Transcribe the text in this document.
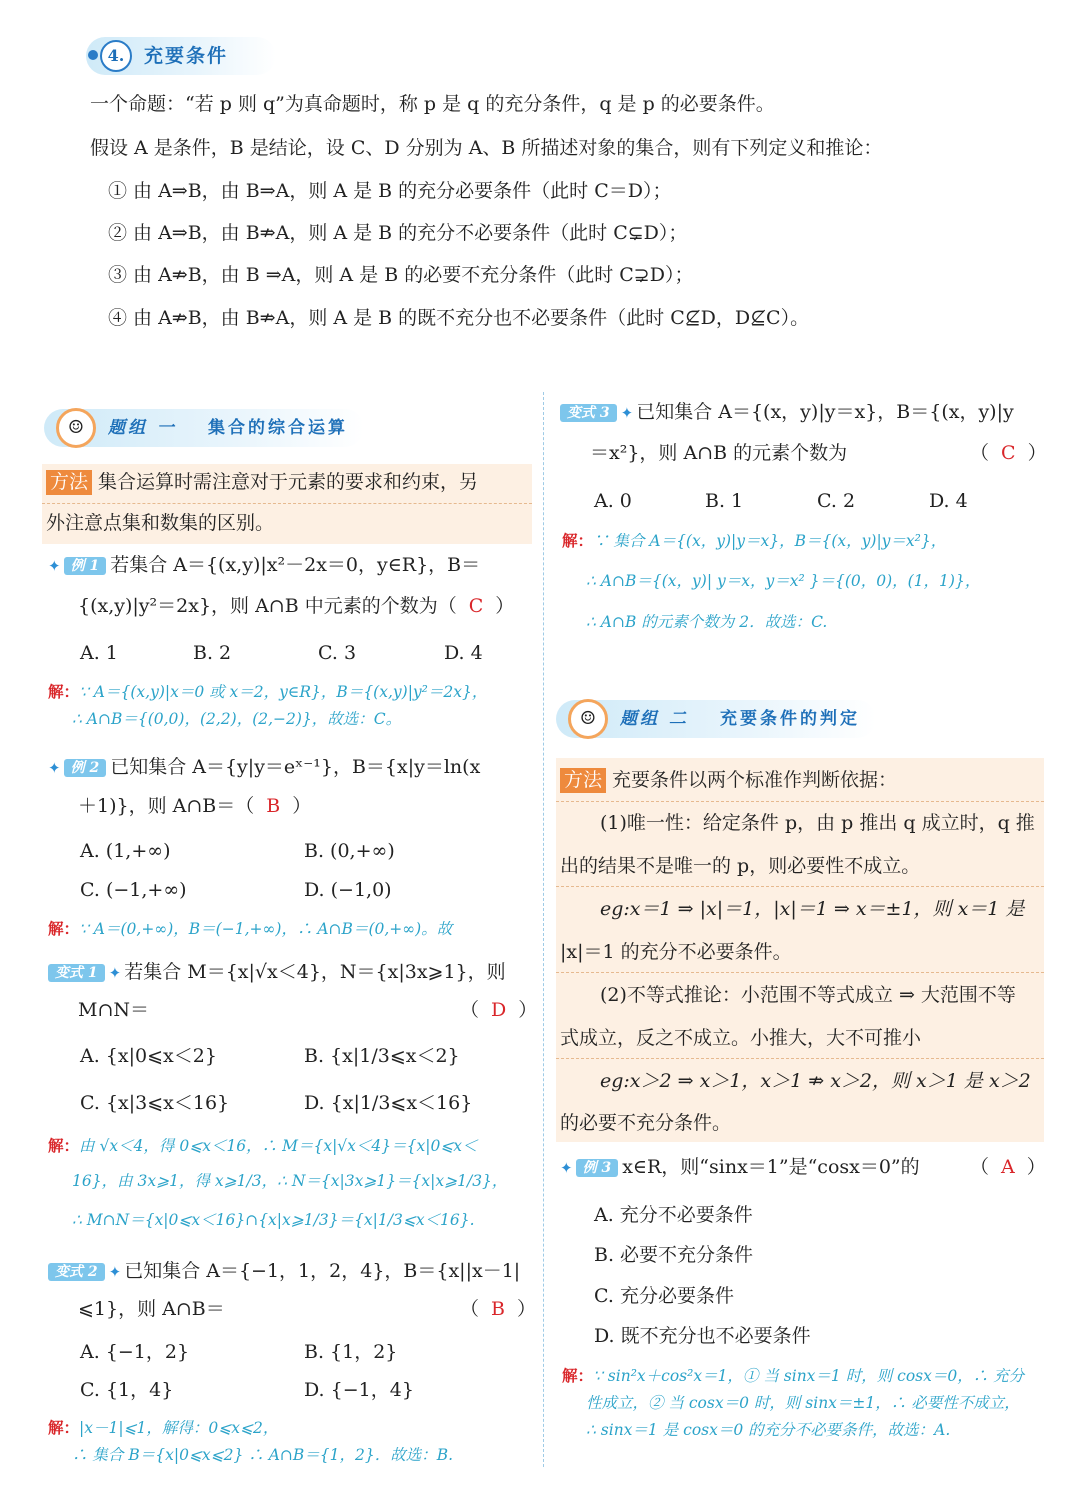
4.	充要条件
一个命题：“若 p 则 q”为真命题时，称 p 是 q 的充分条件，q 是 p 的必要条件。
假设 A 是条件，B 是结论，设 C、D 分别为 A、B 所描述对象的集合，则有下列定义和推论：
① 由 A⇒B，由 B⇒A，则 A 是 B 的充分必要条件（此时 C＝D）；
② 由 A⇒B，由 B⇏A，则 A 是 B 的充分不必要条件（此时 C⊊D）；
③ 由 A⇏B，由 B ⇒A，则 A 是 B 的必要不充分条件（此时 C⊋D）；
④ 由 A⇏B，由 B⇏A，则 A 是 B 的既不充分也不必要条件（此时 C⊈D，D⊈C）。
☺	题组 一 集合的综合运算
方法 集合运算时需注意对于元素的要求和约束，另
外注意点集和数集的区别。
✦ 例 1 若集合 A＝{(x,y)|x²－2x＝0，y∈R}，B＝
{(x,y)|y²＝2x}，则 A∩B 中元素的个数为（ C ）
A. 1	B. 2	C. 3	D. 4
解：∵ A＝{(x,y)|x＝0 或 x＝2，y∈R}，B＝{(x,y)|y²＝2x}，
∴ A∩B＝{(0,0)，(2,2)，(2,−2)}，故选：C。
✦ 例 2 已知集合 A＝{y|y＝eˣ⁻¹}，B＝{x|y＝ln(x
＋1)}，则 A∩B＝（ B ）
A. (1,+∞)	B. (0,+∞)
C. (−1,+∞)	D. (−1,0)
解：∵ A＝(0,+∞)，B＝(−1,+∞)，∴ A∩B＝(0,+∞)。故
变式 1 ✦ 若集合 M＝{x|√x＜4}，N＝{x|3x⩾1}，则
M∩N＝	（ D ）
A. {x|0⩽x＜2}	B. {x|1/3⩽x＜2}
C. {x|3⩽x＜16}	D. {x|1/3⩽x＜16}
解：由 √x＜4，得 0⩽x＜16，∴ M＝{x|√x＜4}＝{x|0⩽x＜
16}，由 3x⩾1，得 x⩾1/3，∴ N＝{x|3x⩾1}＝{x|x⩾1/3}，
∴ M∩N＝{x|0⩽x＜16}∩{x|x⩾1/3}＝{x|1/3⩽x＜16}.
变式 2 ✦ 已知集合 A＝{−1，1，2，4}，B＝{x||x－1|
⩽1}，则 A∩B＝	（ B ）
A. {−1，2}	B. {1，2}
C. {1，4}	D. {−1，4}
解：|x－1|⩽1，解得：0⩽x⩽2，
∴ 集合 B＝{x|0⩽x⩽2} ∴ A∩B＝{1，2}．故选：B.
变式 3 ✦ 已知集合 A＝{(x，y)|y＝x}，B＝{(x，y)|y
＝x²}，则 A∩B 的元素个数为	（ C ）
A. 0	B. 1	C. 2	D. 4
解：∵ 集合 A＝{(x，y)|y＝x}，B＝{(x，y)|y＝x²}，
∴ A∩B＝{(x，y)| y＝x，y＝x² }＝{(0，0)，(1，1)}，
∴ A∩B 的元素个数为 2．故选：C.
☺	题组 二 充要条件的判定
方法 充要条件以两个标准作判断依据：
(1)唯一性：给定条件 p，由 p 推出 q 成立时，q 推
出的结果不是唯一的 p，则必要性不成立。
eg:x＝1 ⇒ |x|＝1，|x|＝1 ⇒ x＝±1，则 x＝1 是
|x|＝1 的充分不必要条件。
(2)不等式推论：小范围不等式成立 ⇒ 大范围不等
式成立，反之不成立。小推大，大不可推小
eg:x＞2 ⇒ x＞1，x＞1 ⇏ x＞2，则 x＞1 是 x＞2
的必要不充分条件。
✦ 例 3 x∈R，则“sinx＝1”是“cosx＝0”的	（ A ）
A. 充分不必要条件
B. 必要不充分条件
C. 充分必要条件
D. 既不充分也不必要条件
解：∵ sin²x＋cos²x＝1，① 当 sinx＝1 时，则 cosx＝0，∴ 充分
性成立，② 当 cosx＝0 时，则 sinx＝±1，∴ 必要性不成立，
∴ sinx＝1 是 cosx＝0 的充分不必要条件，故选：A.
